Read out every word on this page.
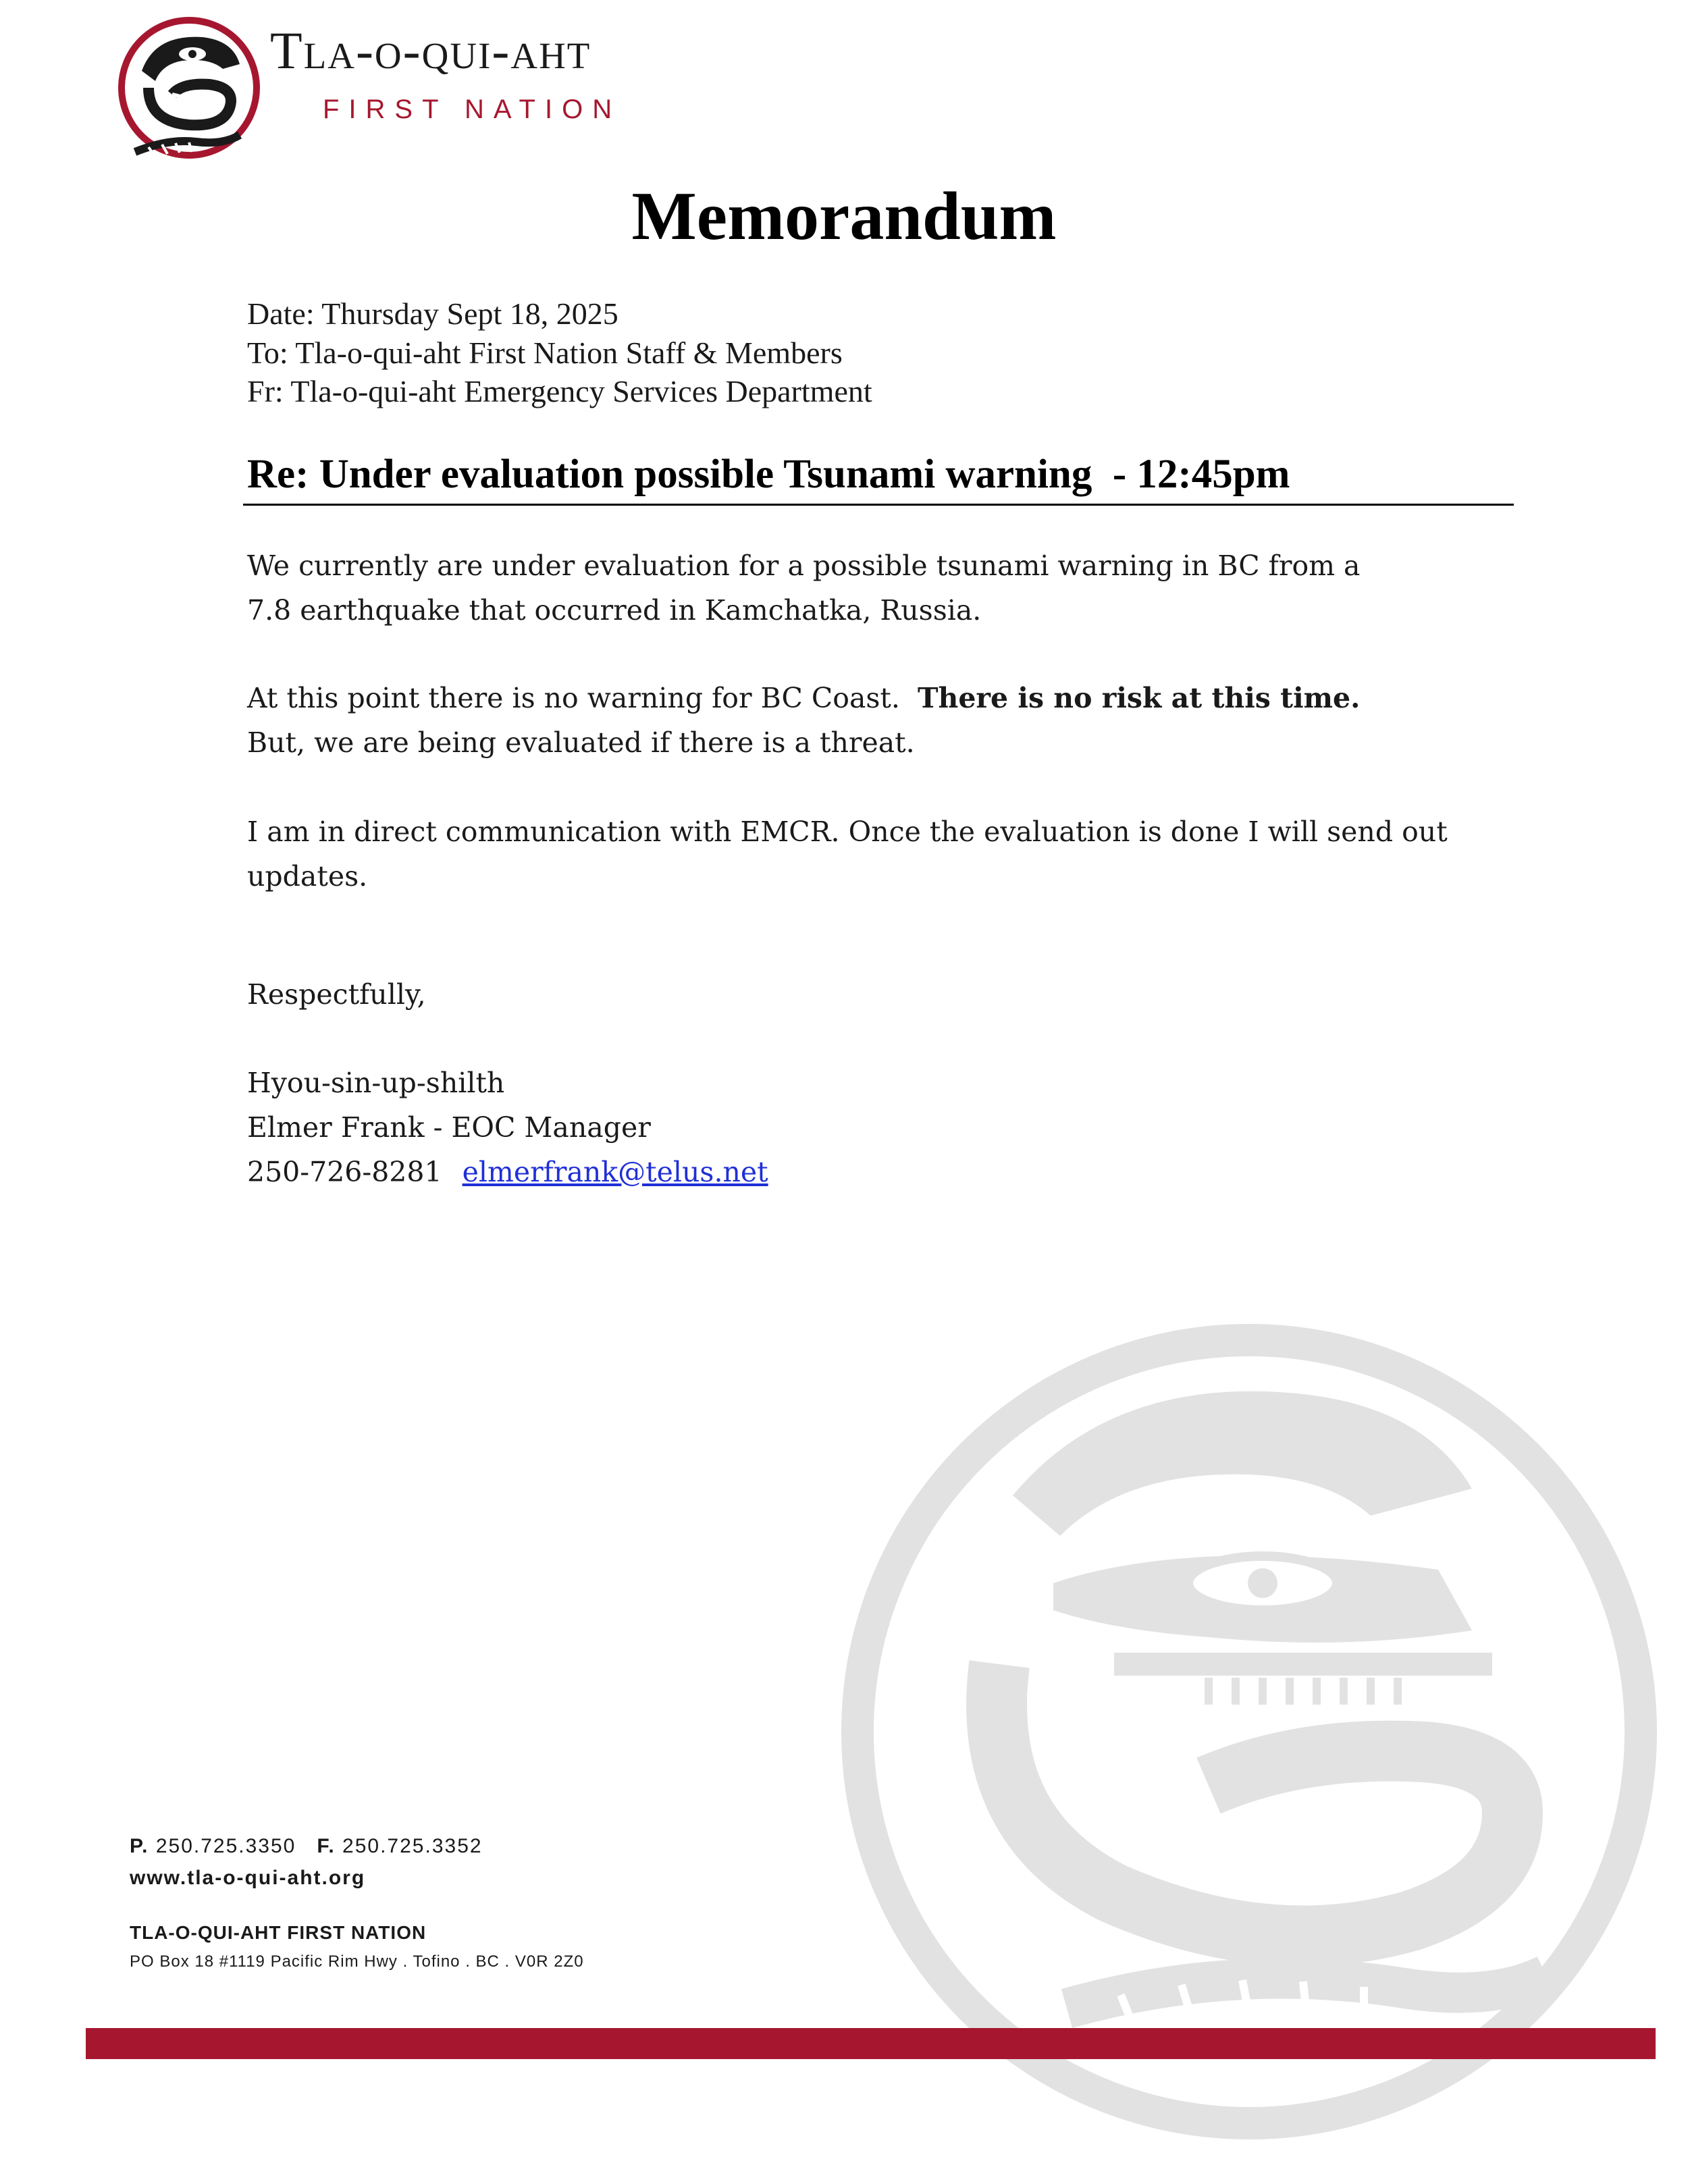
Tla-o-qui-aht
FIRST NATION
Memorandum
Date: Thursday Sept 18, 2025
To: Tla-o-qui-aht First Nation Staff & Members
Fr: Tla-o-qui-aht Emergency Services Department
Re: Under evaluation possible Tsunami warning  - 12:45pm
We currently are under evaluation for a possible tsunami warning in BC from a
7.8 earthquake that occurred in Kamchatka, Russia.
At this point there is no warning for BC Coast.  There is no risk at this time.
But, we are being evaluated if there is a threat.
I am in direct communication with EMCR. Once the evaluation is done I will send out
updates.
Respectfully,
Hyou-sin-up-shilth
Elmer Frank - EOC Manager
250-726-8281 elmerfrank@telus.net
P. 250.725.3350 F. 250.725.3352
www.tla-o-qui-aht.org
TLA-O-QUI-AHT FIRST NATION
PO Box 18 #1119 Pacific Rim Hwy . Tofino . BC . V0R 2Z0
